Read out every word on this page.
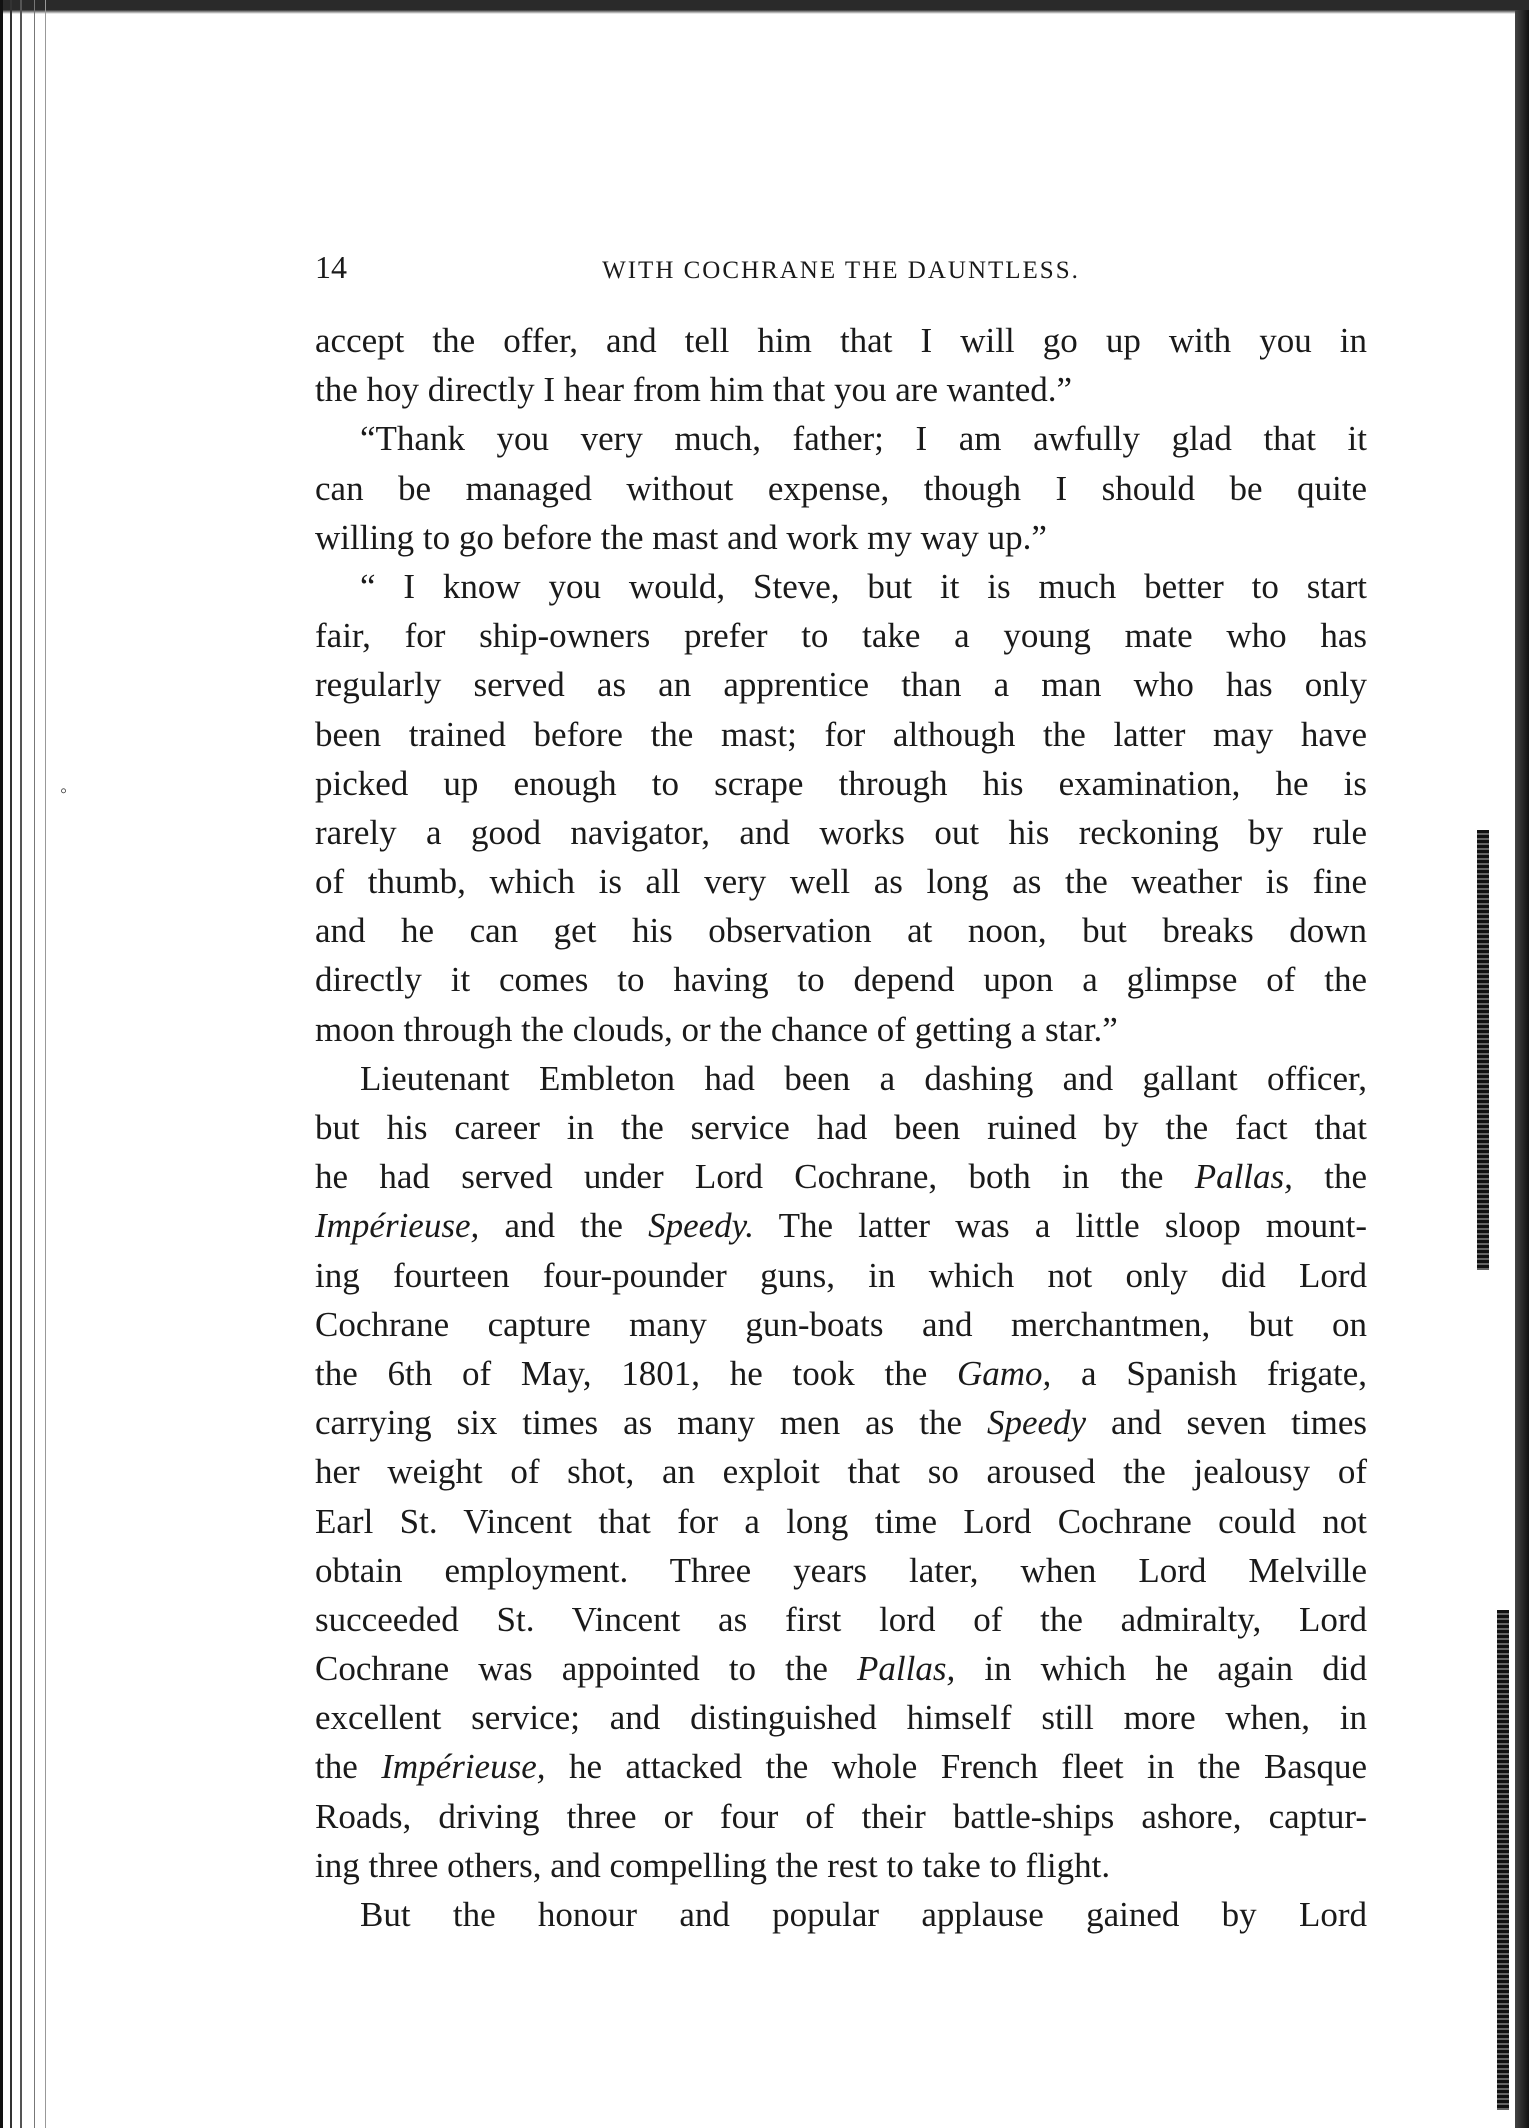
◦
14	WITH COCHRANE THE DAUNTLESS.
accept the offer, and tell him that I will go up with you in
the hoy directly I hear from him that you are wanted.”
“Thank you very much, father; I am awfully glad that it
can be managed without expense, though I should be quite
willing to go before the mast and work my way up.”
“ I know you would, Steve, but it is much better to start
fair, for ship-owners prefer to take a young mate who has
regularly served as an apprentice than a man who has only
been trained before the mast; for although the latter may have
picked up enough to scrape through his examination, he is
rarely a good navigator, and works out his reckoning by rule
of thumb, which is all very well as long as the weather is fine
and he can get his observation at noon, but breaks down
directly it comes to having to depend upon a glimpse of the
moon through the clouds, or the chance of getting a star.”
Lieutenant Embleton had been a dashing and gallant officer,
but his career in the service had been ruined by the fact that
he had served under Lord Cochrane, both in the Pallas, the
Impérieuse, and the Speedy. The latter was a little sloop mount-
ing fourteen four-pounder guns, in which not only did Lord
Cochrane capture many gun-boats and merchantmen, but on
the 6th of May, 1801, he took the Gamo, a Spanish frigate,
carrying six times as many men as the Speedy and seven times
her weight of shot, an exploit that so aroused the jealousy of
Earl St. Vincent that for a long time Lord Cochrane could not
obtain employment. Three years later, when Lord Melville
succeeded St. Vincent as first lord of the admiralty, Lord
Cochrane was appointed to the Pallas, in which he again did
excellent service; and distinguished himself still more when, in
the Impérieuse, he attacked the whole French fleet in the Basque
Roads, driving three or four of their battle-ships ashore, captur-
ing three others, and compelling the rest to take to flight.
But the honour and popular applause gained by Lord
